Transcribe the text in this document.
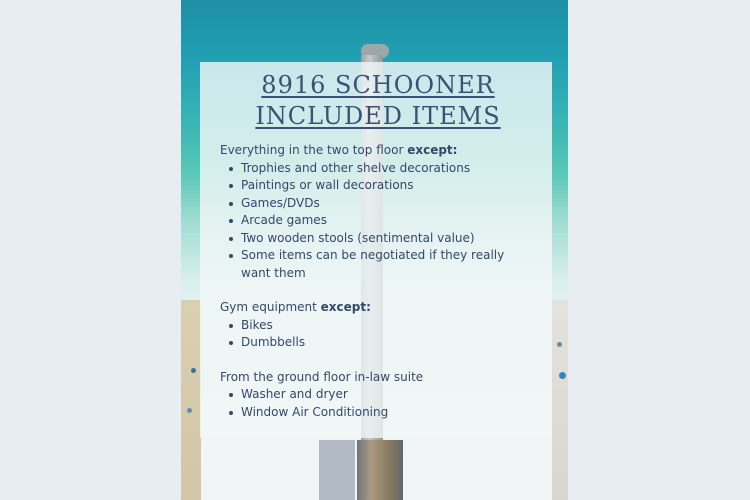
8916 SCHOONER
INCLUDED ITEMS

Everything in the two top floor except:

Trophies and other shelve decorations
Paintings or wall decorations
Games/DVDs
Arcade games
Two wooden stools (sentimental value)
Some items can be negotiated if they really want them

Gym equipment except:

Bikes
Dumbbells

From the ground floor in-law suite

Washer and dryer
Window Air Conditioning
